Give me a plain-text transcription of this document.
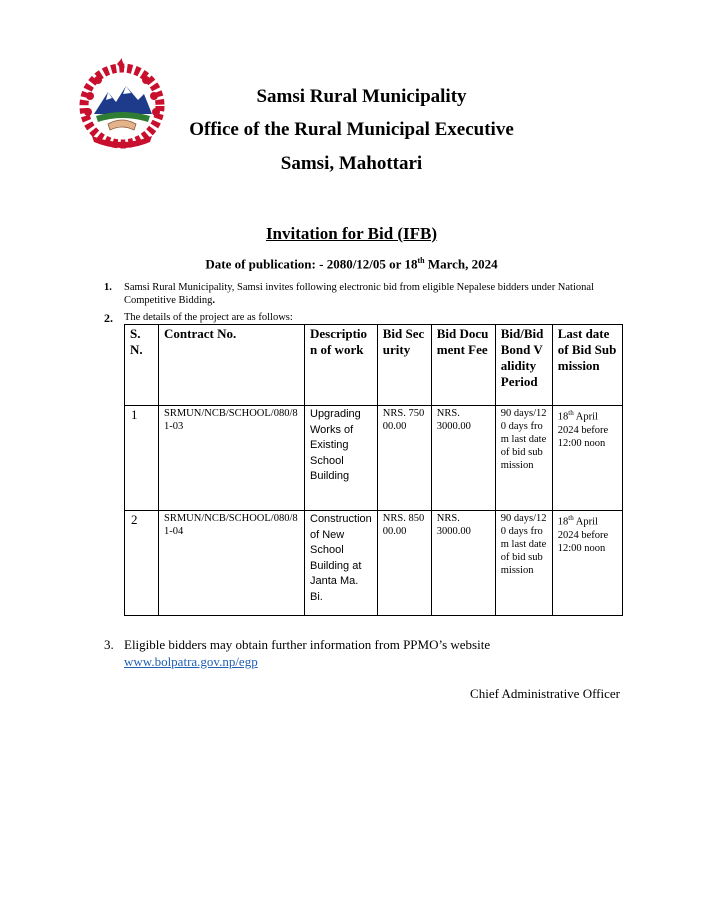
Samsi Rural Municipality
Office of the Rural Municipal Executive
Samsi, Mahottari
Invitation for Bid (IFB)
Date of publication: - 2080/12/05 or 18th March, 2024
1. Samsi Rural Municipality, Samsi invites following electronic bid from eligible Nepalese bidders under National Competitive Bidding.
2. The details of the project are as follows:
S. N.	Contract No.	Description of work	Bid Security	Bid Document Fee	Bid/Bid Bond Validity Period	Last date of Bid Submission
1	SRMUN/NCB/SCHOOL/080/81-03	Upgrading Works of Existing School Building	NRS. 75000.00	NRS. 3000.00	90 days/120 days from last date of bid submission	18th April 2024 before 12:00 noon
2	SRMUN/NCB/SCHOOL/080/81-04	Construction of New School Building at Janta Ma. Bi.	NRS. 85000.00	NRS. 3000.00	90 days/120 days from last date of bid submission	18th April 2024 before 12:00 noon
3. Eligible bidders may obtain further information from PPMO’s website
www.bolpatra.gov.np/egp
Chief Administrative Officer
